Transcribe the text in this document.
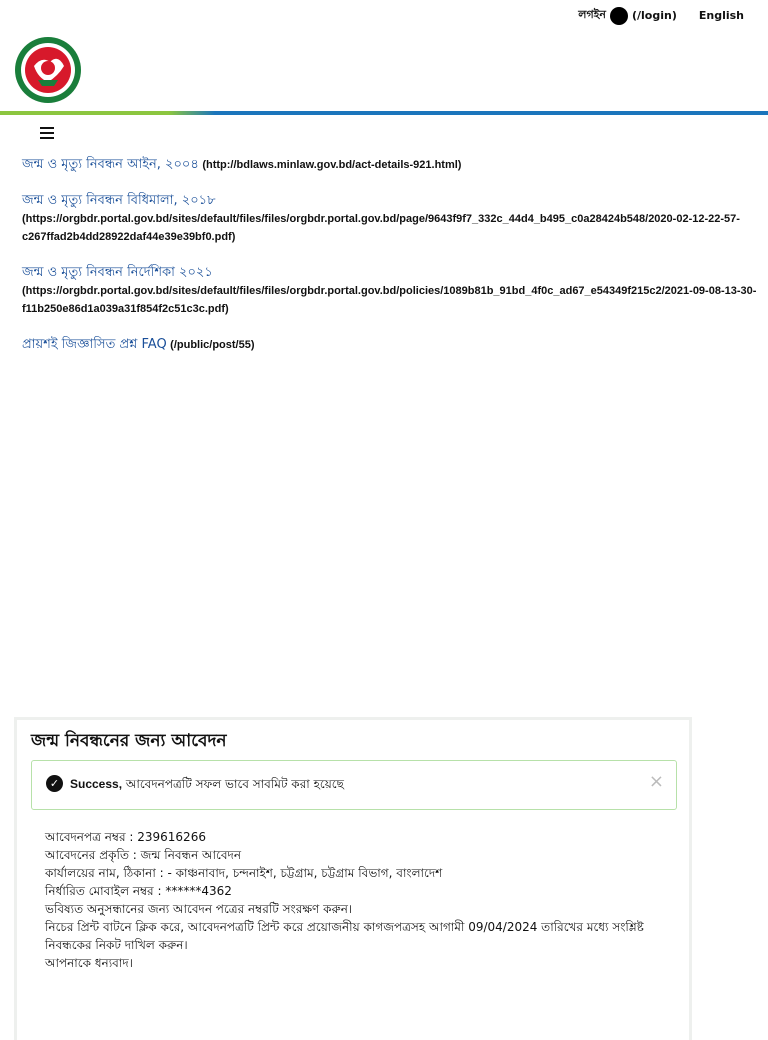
লগইন (/login) English
জন্ম ও মৃত্যু নিবন্ধন আইন, ২০০৪ (http://bdlaws.minlaw.gov.bd/act-details-921.html)
জন্ম ও মৃত্যু নিবন্ধন বিধিমালা, ২০১৮
(https://orgbdr.portal.gov.bd/sites/default/files/files/orgbdr.portal.gov.bd/page/9643f9f7_332c_44d4_b495_c0a28424b548/2020-02-12-22-57-c267ffad2b4dd28922daf44e39e39bf0.pdf)
জন্ম ও মৃত্যু নিবন্ধন নির্দেশিকা ২০২১
(https://orgbdr.portal.gov.bd/sites/default/files/files/orgbdr.portal.gov.bd/policies/1089b81b_91bd_4f0c_ad67_e54349f215c2/2021-09-08-13-30-f11b250e86d1a039a31f854f2c51c3c.pdf)
প্রায়শই জিজ্ঞাসিত প্রশ্ন FAQ (/public/post/55)
জন্ম নিবন্ধনের জন্য আবেদন
✓ Success, আবেদনপত্রটি সফল ভাবে সাবমিট করা হয়েছে	×
আবেদনপত্র নম্বর : 239616266
আবেদনের প্রকৃতি : জন্ম নিবন্ধন আবেদন
কার্যালয়ের নাম, ঠিকানা : - কাঞ্চনাবাদ, চন্দনাইশ, চট্টগ্রাম, চট্টগ্রাম বিভাগ, বাংলাদেশ
নির্ধারিত মোবাইল নম্বর : ******4362
ভবিষ্যত অনুসন্ধানের জন্য আবেদন পত্রের নম্বরটি সংরক্ষণ করুন।
নিচের প্রিন্ট বাটনে ক্লিক করে, আবেদনপত্রটি প্রিন্ট করে প্রয়োজনীয় কাগজপত্রসহ আগামী 09/04/2024 তারিখের মধ্যে সংশ্লিষ্ট নিবন্ধকের নিকট দাখিল করুন।
আপনাকে ধন্যবাদ।
